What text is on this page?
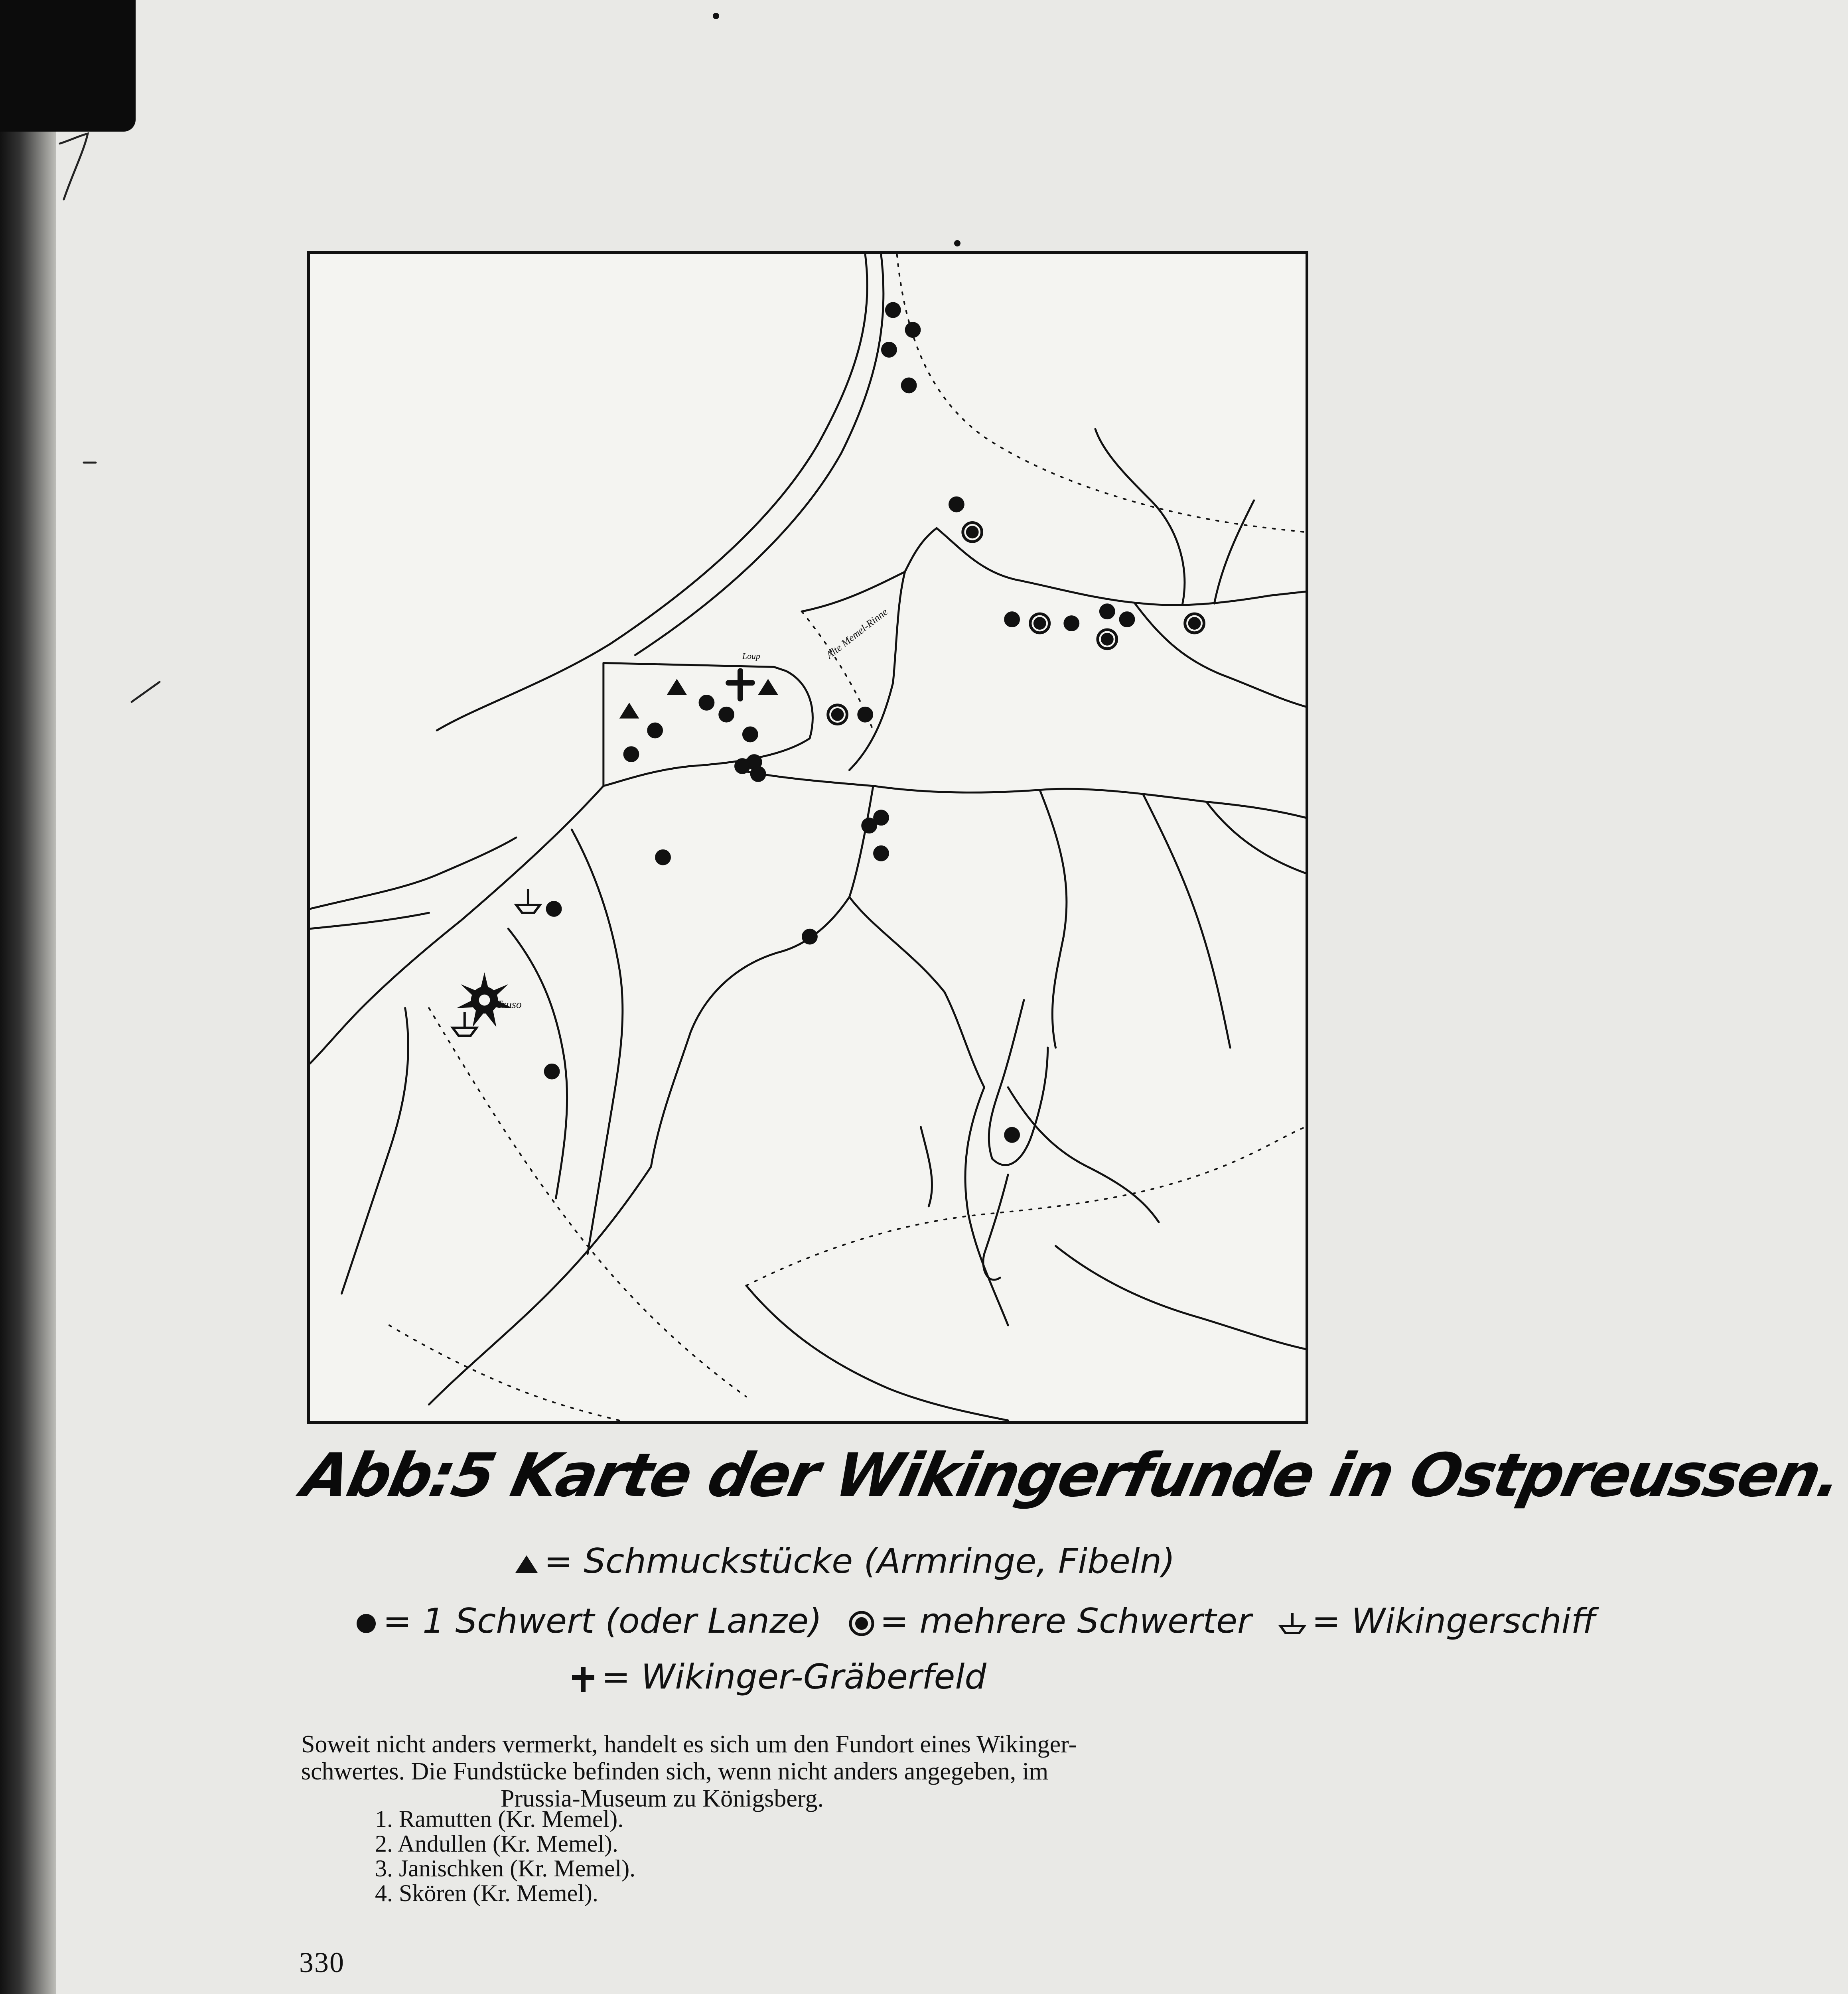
Truso
Loup	Alte Memel-Rinne
Abb:5 Karte der Wikingerfunde in Ostpreussen.
= Schmuckstücke (Armringe, Fibeln)
= 1 Schwert (oder Lanze) = mehrere Schwerter = Wikingerschiff
= Wikinger-Gräberfeld
Soweit nicht anders vermerkt, handelt es sich um den Fundort eines Wikinger-
schwertes. Die Fundstücke befinden sich, wenn nicht anders angegeben, im
Prussia-Museum zu Königsberg.
1. Ramutten (Kr. Memel).
2. Andullen (Kr. Memel).
3. Janischken (Kr. Memel).
4. Skören (Kr. Memel).
330
